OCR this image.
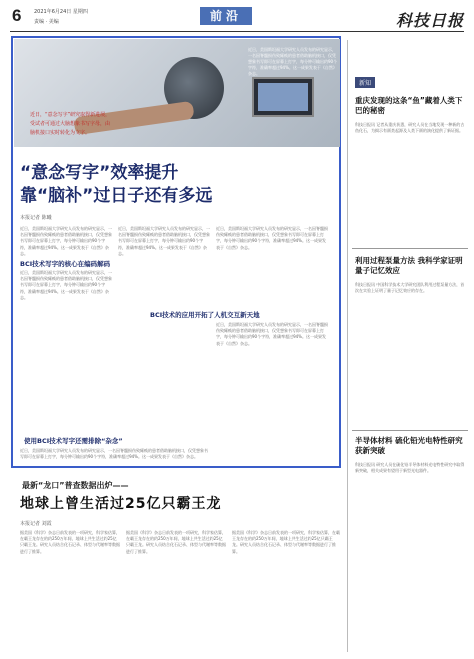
6	2021年6月24日 星期四
责编 · 美编	前沿	科技日报
近日，“意念写字”研究取得新进展，受试者可通过大脑想象书写字母，由脑机接口实时转化为文字。
近日，美国斯坦福大学研究人员发布的研究显示，一名因脊髓损伤致瘫痪的患者借助脑机接口，仅凭想象书写即可在屏幕上打字，每分钟可输出约90个字符，准确率超过94%。这一成果发表于《自然》杂志。
“意念写字”效率提升
靠“脑补”过日子还有多远
本报记者 陈曦
近日，美国斯坦福大学研究人员发布的研究显示，一名因脊髓损伤致瘫痪的患者借助脑机接口，仅凭想象书写即可在屏幕上打字，每分钟可输出约90个字符，准确率超过94%。这一成果发表于《自然》杂志。
BCI技术写字的核心在编码解码
近日，美国斯坦福大学研究人员发布的研究显示，一名因脊髓损伤致瘫痪的患者借助脑机接口，仅凭想象书写即可在屏幕上打字，每分钟可输出约90个字符，准确率超过94%。这一成果发表于《自然》杂志。
近日，美国斯坦福大学研究人员发布的研究显示，一名因脊髓损伤致瘫痪的患者借助脑机接口，仅凭想象书写即可在屏幕上打字，每分钟可输出约90个字符，准确率超过94%。这一成果发表于《自然》杂志。
近日，美国斯坦福大学研究人员发布的研究显示，一名因脊髓损伤致瘫痪的患者借助脑机接口，仅凭想象书写即可在屏幕上打字，每分钟可输出约90个字符，准确率超过94%。这一成果发表于《自然》杂志。
BCI技术的应用开拓了人机交互新天地
近日，美国斯坦福大学研究人员发布的研究显示，一名因脊髓损伤致瘫痪的患者借助脑机接口，仅凭想象书写即可在屏幕上打字，每分钟可输出约90个字符，准确率超过94%。这一成果发表于《自然》杂志。
使用BCI技术写字还需排除“杂念”
近日，美国斯坦福大学研究人员发布的研究显示，一名因脊髓损伤致瘫痪的患者借助脑机接口，仅凭想象书写即可在屏幕上打字，每分钟可输出约90个字符，准确率超过94%。这一成果发表于《自然》杂志。
最新“龙口”普查数据出炉——
地球上曾生活过25亿只霸王龙
本报记者 刘霞
据美国《科学》杂志日前发表的一项研究，科学家估算，在霸王龙存在的约250万年间，地球上共生活过约25亿只霸王龙。研究人员结合化石记录、体型与代谢率等数据进行了推算。
据美国《科学》杂志日前发表的一项研究，科学家估算，在霸王龙存在的约250万年间，地球上共生活过约25亿只霸王龙。研究人员结合化石记录、体型与代谢率等数据进行了推算。
据美国《科学》杂志日前发表的一项研究，科学家估算，在霸王龙存在的约250万年间，地球上共生活过约25亿只霸王龙。研究人员结合化石记录、体型与代谢率等数据进行了推算。
新知
重庆发现的这条“鱼”藏着人类下巴的秘密
科技日报讯 记者从重庆获悉，研究人员在当地发现一种新的古鱼化石，为揭示有颌类起源及人类下颌的演化提供了新证据。
利用过程泵量方法 我科学家证明量子记忆效应
科技日报讯 中国科学技术大学研究团队利用过程泵量方法，首次在实验上证明了量子记忆效应的存在。
半导体材料 硫化铅光电特性研究获新突破
科技日报讯 研究人员在硫化铅半导体材料光电特性研究中取得新突破，相关成果有望用于新型光电器件。
